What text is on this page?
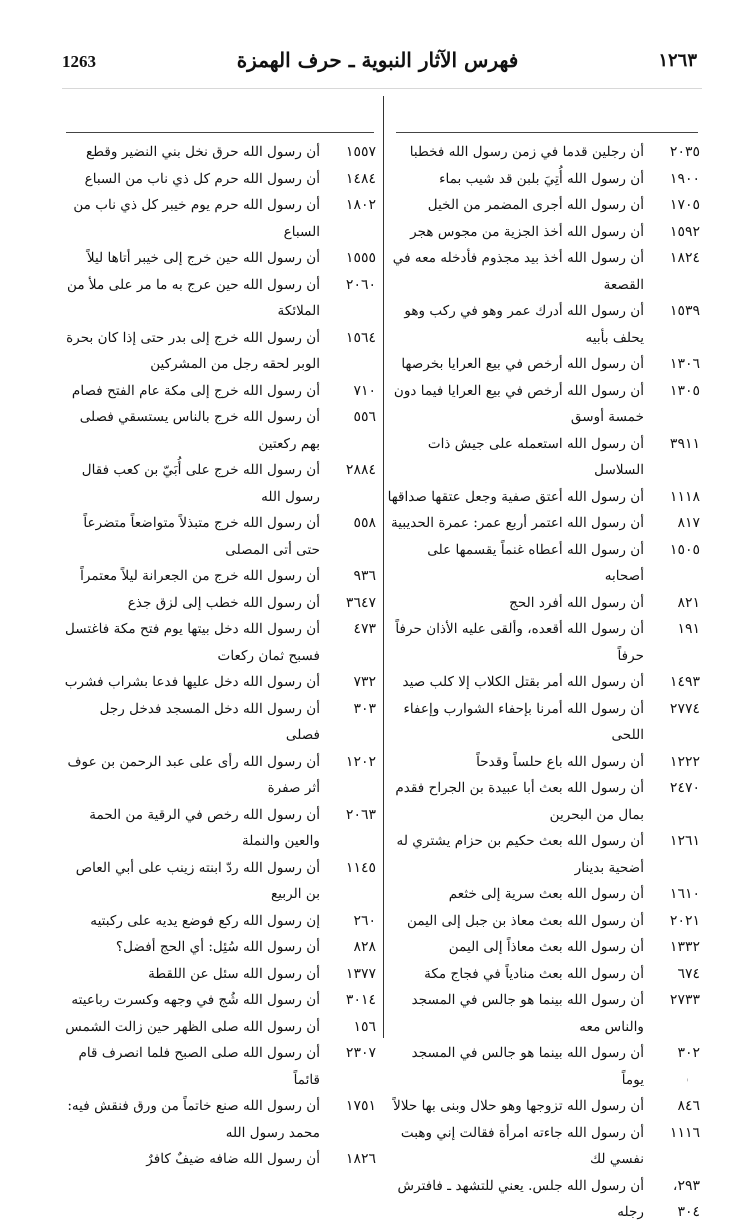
1263	فهرس الآثار النبوية ـ حرف الهمزة	١٢٦٣
٢٠٣٥
أن رجلين قدما في زمن رسول الله فخطبا
١٩٠٠
أن رسول الله أُتِيَ بلبن قد شيب بماء
١٧٠٥
أن رسول الله أجرى المضمر من الخيل
١٥٩٢
أن رسول الله أخذ الجزية من مجوس هجر
١٨٢٤
أن رسول الله أخذ بيد مجذوم فأدخله معه في القصعة
١٥٣٩
أن رسول الله أدرك عمر وهو في ركب وهو يحلف بأبيه
١٣٠٦
أن رسول الله أرخص في بيع العرايا بخرصها
١٣٠٥
أن رسول الله أرخص في بيع العرايا فيما دون خمسة أوسق
٣٩١١
أن رسول الله استعمله على جيش ذات السلاسل
١١١٨
أن رسول الله أعتق صفية وجعل عتقها صداقها
٨١٧
أن رسول الله اعتمر أربع عمر: عمرة الحديبية
١٥٠٥
أن رسول الله أعطاه غنماً يقسمها على أصحابه
٨٢١
أن رسول الله أفرد الحج
١٩١
أن رسول الله أقعده، وألقى عليه الأذان حرفاً حرفاً
١٤٩٣
أن رسول الله أمر بقتل الكلاب إلا كلب صيد
٢٧٧٤
أن رسول الله أمرنا بإحفاء الشوارب وإعفاء اللحى
١٢٢٢
أن رسول الله باع حلساً وقدحاً
٢٤٧٠
أن رسول الله بعث أبا عبيدة بن الجراح فقدم بمال من البحرين
١٢٦١
أن رسول الله بعث حكيم بن حزام يشتري له أضحية بدينار
١٦١٠
أن رسول الله بعث سرية إلى خثعم
٢٠٢١
أن رسول الله بعث معاذ بن جبل إلى اليمن
١٣٣٢
أن رسول الله بعث معاذاً إلى اليمن
٦٧٤
أن رسول الله بعث منادياً في فجاج مكة
٢٧٣٣
أن رسول الله بينما هو جالس في المسجد والناس معه
٣٠٢
أن رسول الله بينما هو جالس في المسجد يوماً
٨٤٦
أن رسول الله تزوجها وهو حلال وبنى بها حلالاً
١١١٦
أن رسول الله جاءته امرأة فقالت إني وهبت نفسي لك
٢٩٣، ٣٠٤
أن رسول الله جلس. يعني للتشهد ـ فافترش رجله
١٥٥٧
أن رسول الله حرق نخل بني النضير وقطع
١٤٨٤
أن رسول الله حرم كل ذي ناب من السباع
١٨٠٢
أن رسول الله حرم يوم خيبر كل ذي ناب من السباع
١٥٥٥
أن رسول الله حين خرج إلى خيبر أتاها ليلاً
٢٠٦٠
أن رسول الله حين عرج به ما مر على ملأ من الملائكة
١٥٦٤
أن رسول الله خرج إلى بدر حتى إذا كان بحرة الوبر لحقه رجل من المشركين
٧١٠
أن رسول الله خرج إلى مكة عام الفتح فصام
٥٥٦
أن رسول الله خرج بالناس يستسقي فصلى بهم ركعتين
٢٨٨٤
أن رسول الله خرج على أُبَيّ بن كعب فقال رسول الله
٥٥٨
أن رسول الله خرج متبذلاً متواضعاً متضرعاً حتى أتى المصلى
٩٣٦
أن رسول الله خرج من الجعرانة ليلاً معتمراً
٣٦٤٧
أن رسول الله خطب إلى لزق جذع
٤٧٣
أن رسول الله دخل بيتها يوم فتح مكة فاغتسل فسبح ثمان ركعات
٧٣٢
أن رسول الله دخل عليها فدعا بشراب فشرب
٣٠٣
أن رسول الله دخل المسجد فدخل رجل فصلى
١٢٠٢
أن رسول الله رأى على عبد الرحمن بن عوف أثر صفرة
٢٠٦٣
أن رسول الله رخص في الرقية من الحمة والعين والنملة
١١٤٥
أن رسول الله ردّ ابنته زينب على أبي العاص بن الربيع
٢٦٠
إن رسول الله ركع فوضع يديه على ركبتيه
٨٢٨
أن رسول الله سُئِل: أي الحج أفضل؟
١٣٧٧
أن رسول الله سئل عن اللقطة
٣٠١٤
أن رسول الله شُج في وجهه وكسرت رباعيته
١٥٦
أن رسول الله صلى الظهر حين زالت الشمس
٢٣٠٧
أن رسول الله صلى الصبح فلما انصرف قام قائماً
١٧٥١
أن رسول الله صنع خاتماً من ورق فنقش فيه: محمد رسول الله
١٨٢٦
أن رسول الله ضافه ضيفٌ كافرٌ
'
